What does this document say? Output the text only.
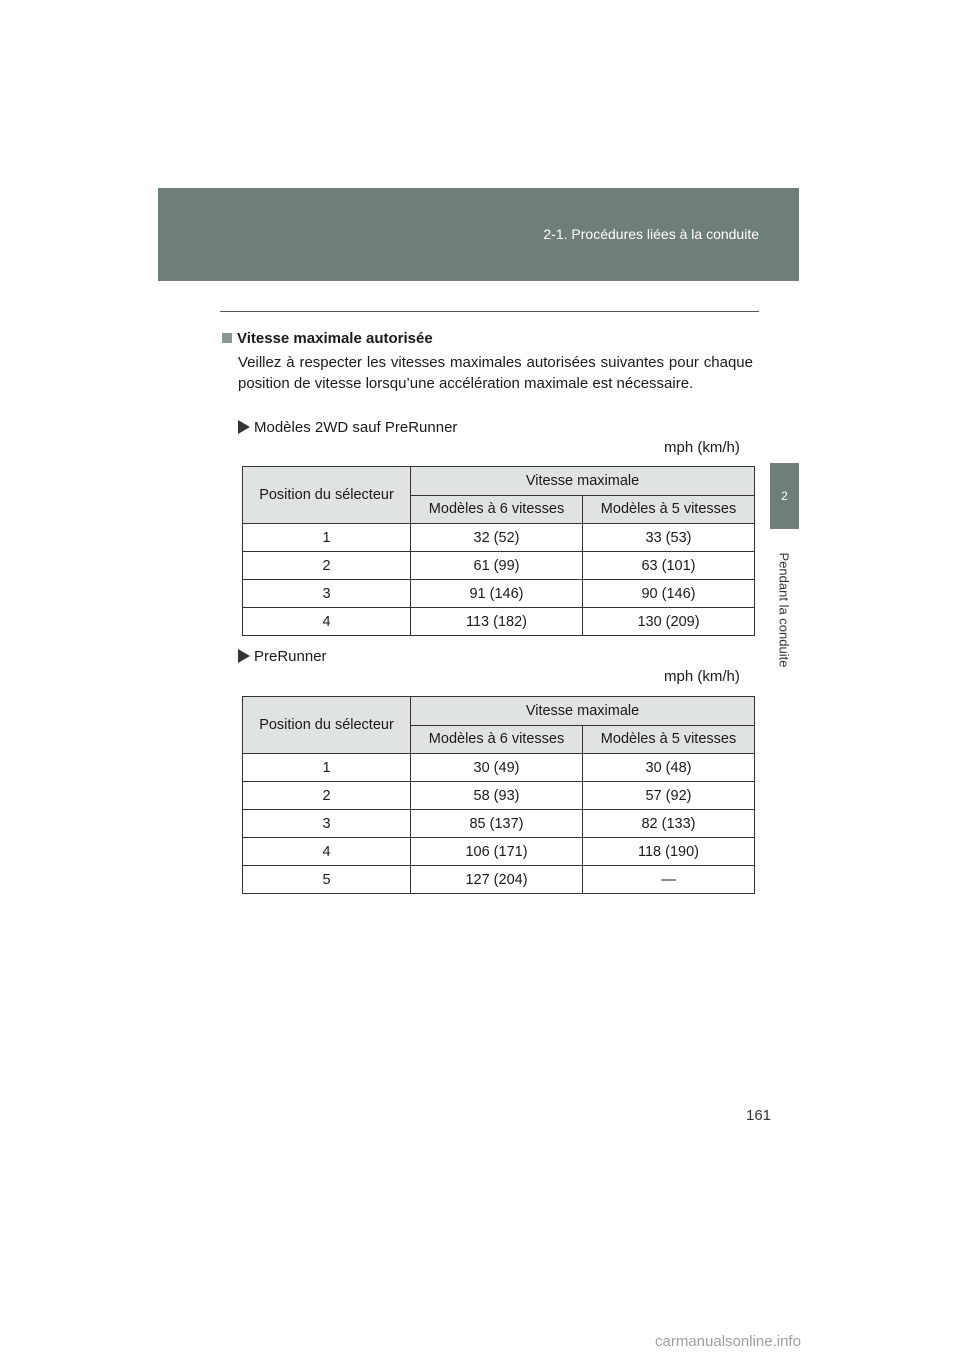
2-1. Procédures liées à la conduite
2
Pendant la conduite
Vitesse maximale autorisée
Veillez à respecter les vitesses maximales autorisées suivantes pour chaque position de vitesse lorsqu’une accélération maximale est nécessaire.
Modèles 2WD sauf PreRunner
mph (km/h)
Position du sélecteur	Vitesse maximale	
	Modèles à 6 vitesses	Modèles à 5 vitesses
1	32 (52)	33 (53)
2	61 (99)	63 (101)
3	91 (146)	90 (146)
4	113 (182)	130 (209)
PreRunner
mph (km/h)
Position du sélecteur	Vitesse maximale	
	Modèles à 6 vitesses	Modèles à 5 vitesses
1	30 (49)	30 (48)
2	58 (93)	57 (92)
3	85 (137)	82 (133)
4	106 (171)	118 (190)
5	127 (204)	—
161
carmanualsonline.info
